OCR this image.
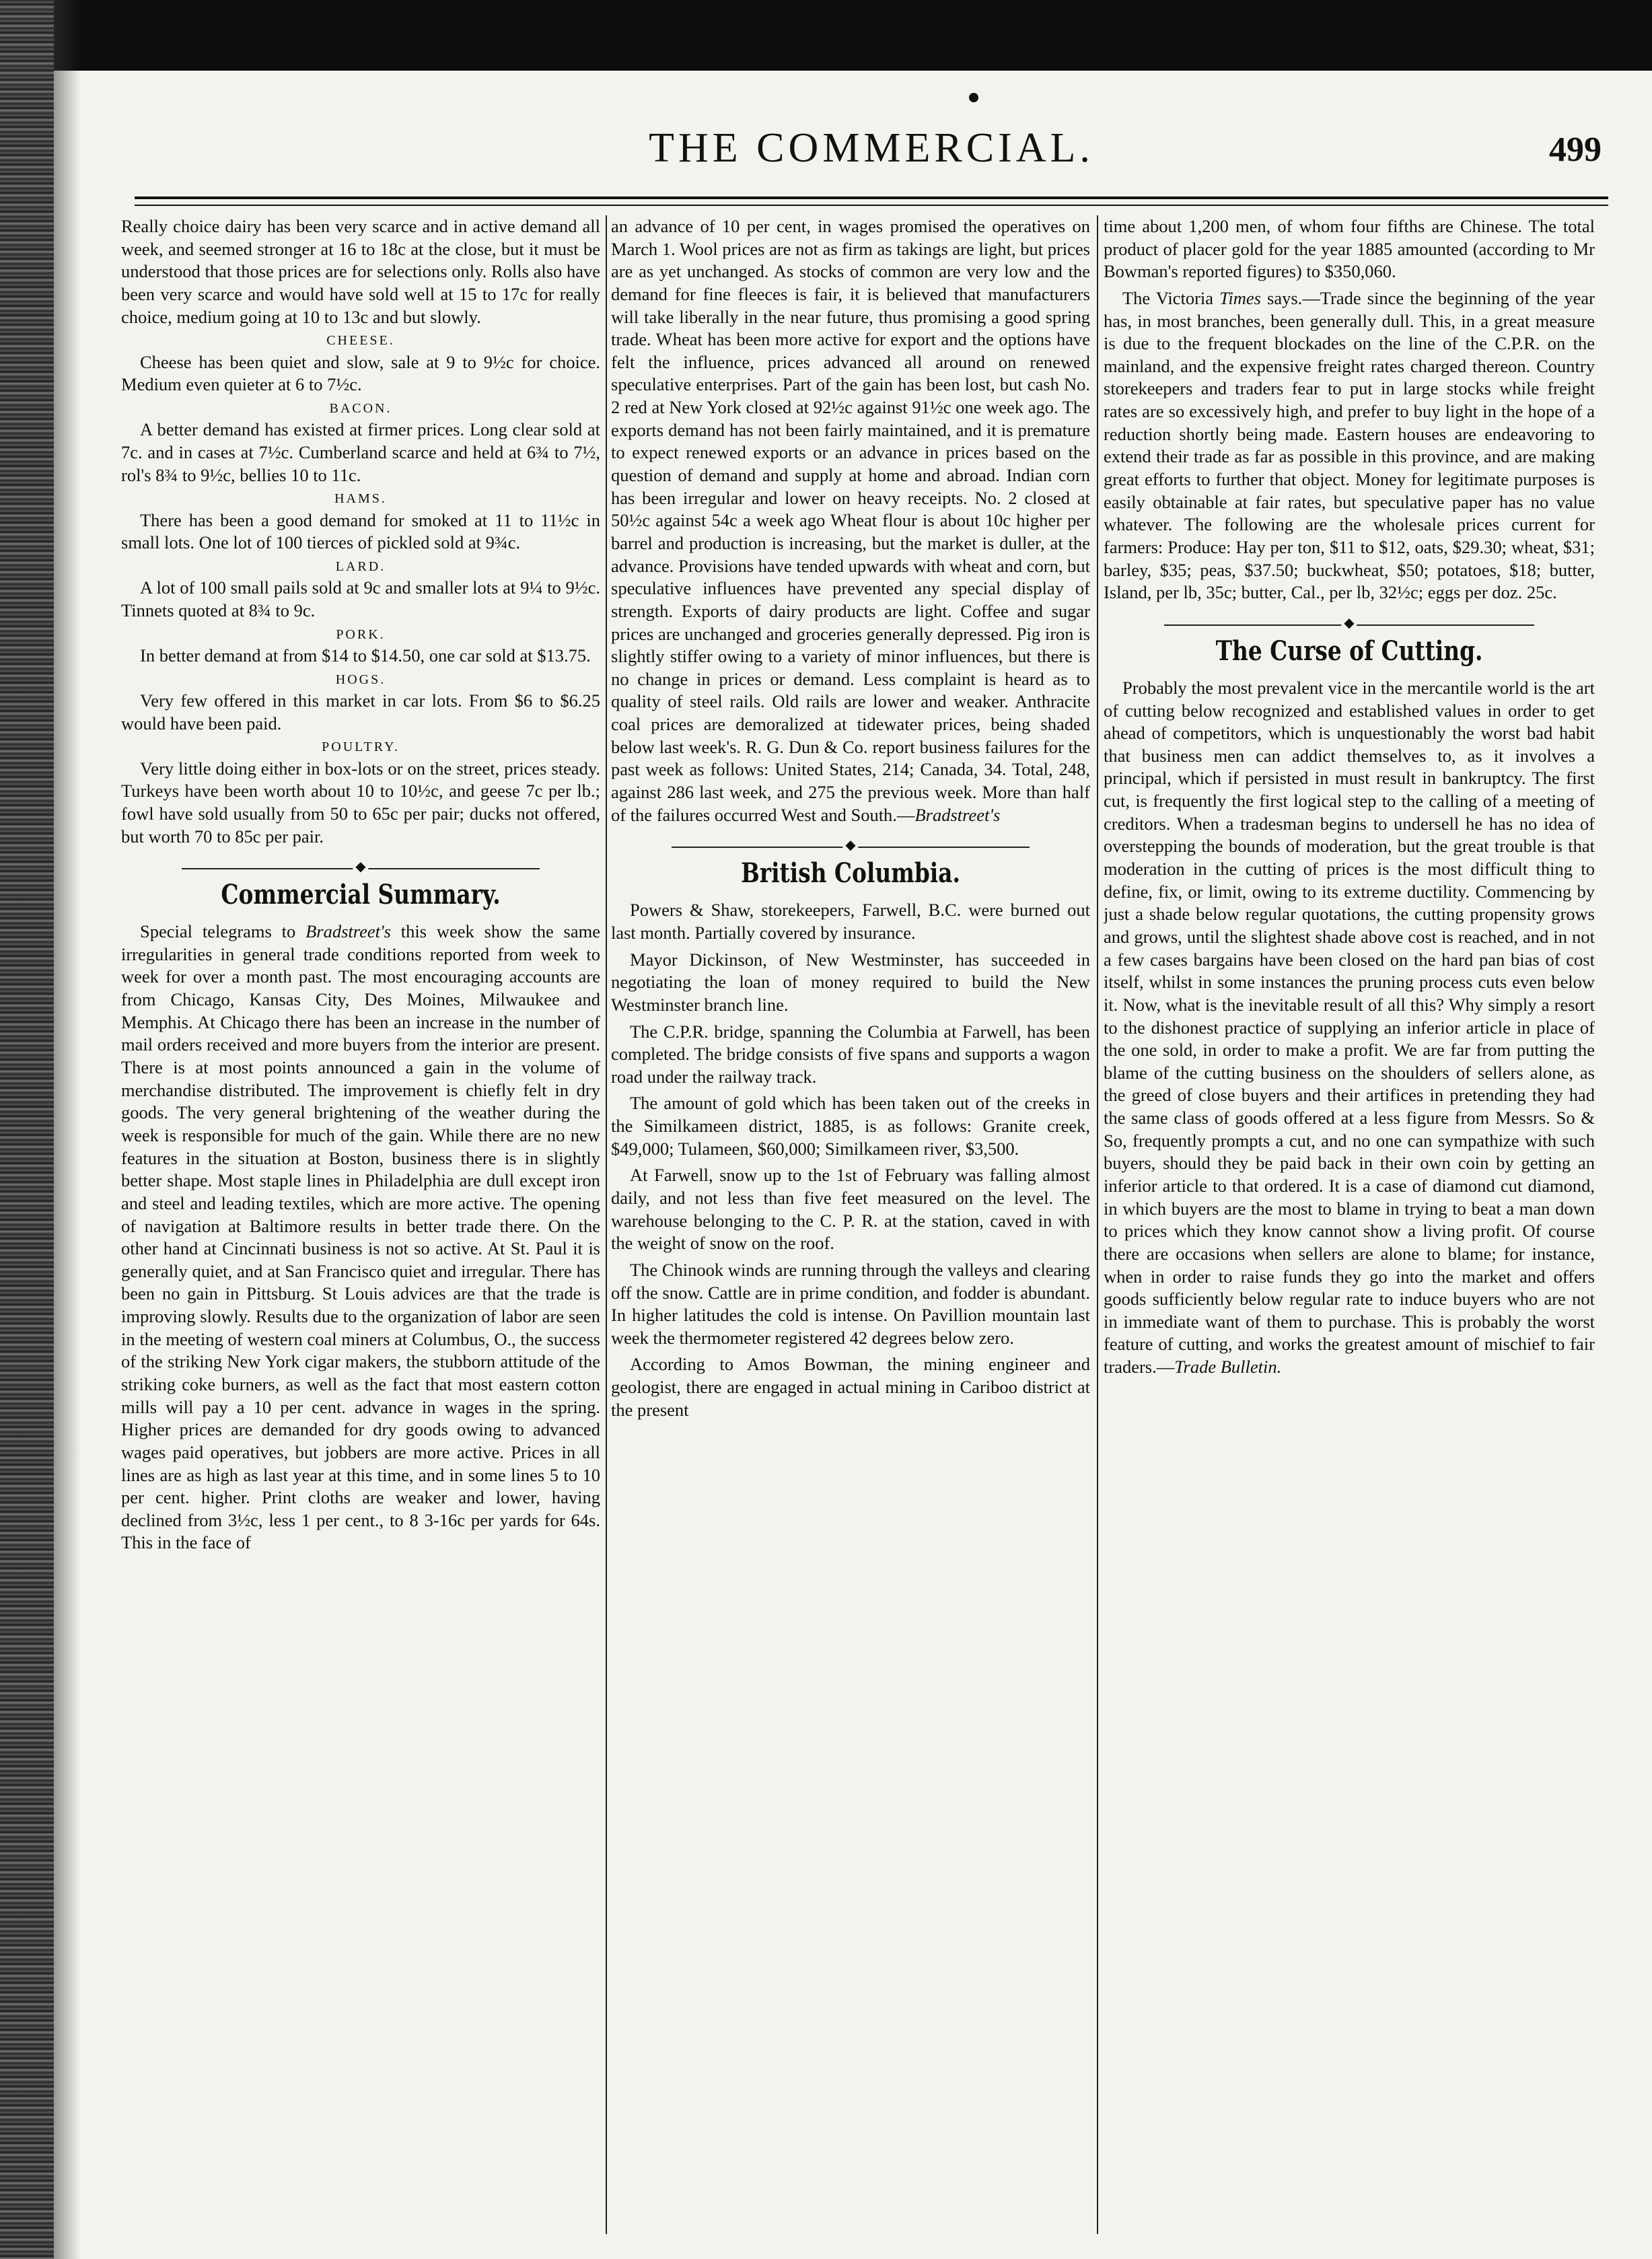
THE COMMERCIAL.	499

Really choice dairy has been very scarce and in active demand all week, and seemed stronger at 16 to 18c at the close, but it must be understood that those prices are for selections only. Rolls also have been very scarce and would have sold well at 15 to 17c for really choice, medium going at 10 to 13c and but slowly.

CHEESE.

Cheese has been quiet and slow, sale at 9 to 9½c for choice. Medium even quieter at 6 to 7½c.

BACON.

A better demand has existed at firmer prices. Long clear sold at 7c. and in cases at 7½c. Cumberland scarce and held at 6¾ to 7½, rol's 8¾ to 9½c, bellies 10 to 11c.

HAMS.

There has been a good demand for smoked at 11 to 11½c in small lots. One lot of 100 tierces of pickled sold at 9¾c.

LARD.

A lot of 100 small pails sold at 9c and smaller lots at 9¼ to 9½c. Tinnets quoted at 8¾ to 9c.

PORK.

In better demand at from $14 to $14.50, one car sold at $13.75.

HOGS.

Very few offered in this market in car lots. From $6 to $6.25 would have been paid.

POULTRY.

Very little doing either in box-lots or on the street, prices steady. Turkeys have been worth about 10 to 10½c, and geese 7c per lb.; fowl have sold usually from 50 to 65c per pair; ducks not offered, but worth 70 to 85c per pair.

◆
Commercial Summary.

Special telegrams to Bradstreet's this week show the same irregularities in general trade conditions reported from week to week for over a month past. The most encouraging accounts are from Chicago, Kansas City, Des Moines, Milwaukee and Memphis. At Chicago there has been an increase in the number of mail orders received and more buyers from the interior are present. There is at most points announced a gain in the volume of merchandise distributed. The improvement is chiefly felt in dry goods. The very general brightening of the weather during the week is responsible for much of the gain. While there are no new features in the situation at Boston, business there is in slightly better shape. Most staple lines in Philadelphia are dull except iron and steel and leading textiles, which are more active. The opening of navigation at Baltimore results in better trade there. On the other hand at Cincinnati business is not so active. At St. Paul it is generally quiet, and at San Francisco quiet and irregular. There has been no gain in Pittsburg. St Louis advices are that the trade is improving slowly. Results due to the organization of labor are seen in the meeting of western coal miners at Columbus, O., the success of the striking New York cigar makers, the stubborn attitude of the striking coke burners, as well as the fact that most eastern cotton mills will pay a 10 per cent. advance in wages in the spring. Higher prices are demanded for dry goods owing to advanced wages paid operatives, but jobbers are more active. Prices in all lines are as high as last year at this time, and in some lines 5 to 10 per cent. higher. Print cloths are weaker and lower, having declined from 3½c, less 1 per cent., to 8 3-16c per yards for 64s. This in the face of

an advance of 10 per cent, in wages promised the operatives on March 1. Wool prices are not as firm as takings are light, but prices are as yet unchanged. As stocks of common are very low and the demand for fine fleeces is fair, it is believed that manufacturers will take liberally in the near future, thus promising a good spring trade. Wheat has been more active for export and the options have felt the influence, prices advanced all around on renewed speculative enterprises. Part of the gain has been lost, but cash No. 2 red at New York closed at 92½c against 91½c one week ago. The exports demand has not been fairly maintained, and it is premature to expect renewed exports or an advance in prices based on the question of demand and supply at home and abroad. Indian corn has been irregular and lower on heavy receipts. No. 2 closed at 50½c against 54c a week ago Wheat flour is about 10c higher per barrel and production is increasing, but the market is duller, at the advance. Provisions have tended upwards with wheat and corn, but speculative influences have prevented any special display of strength. Exports of dairy products are light. Coffee and sugar prices are unchanged and groceries generally depressed. Pig iron is slightly stiffer owing to a variety of minor influences, but there is no change in prices or demand. Less complaint is heard as to quality of steel rails. Old rails are lower and weaker. Anthracite coal prices are demoralized at tidewater prices, being shaded below last week's. R. G. Dun & Co. report business failures for the past week as follows: United States, 214; Canada, 34. Total, 248, against 286 last week, and 275 the previous week. More than half of the failures occurred West and South.—Bradstreet's

◆
British Columbia.

Powers & Shaw, storekeepers, Farwell, B.C. were burned out last month. Partially covered by insurance.

Mayor Dickinson, of New Westminster, has succeeded in negotiating the loan of money required to build the New Westminster branch line.

The C.P.R. bridge, spanning the Columbia at Farwell, has been completed. The bridge consists of five spans and supports a wagon road under the railway track.

The amount of gold which has been taken out of the creeks in the Similkameen district, 1885, is as follows: Granite creek, $49,000; Tulameen, $60,000; Similkameen river, $3,500.

At Farwell, snow up to the 1st of February was falling almost daily, and not less than five feet measured on the level. The warehouse belonging to the C. P. R. at the station, caved in with the weight of snow on the roof.

The Chinook winds are running through the valleys and clearing off the snow. Cattle are in prime condition, and fodder is abundant. In higher latitudes the cold is intense. On Pavillion mountain last week the thermometer registered 42 degrees below zero.

According to Amos Bowman, the mining engineer and geologist, there are engaged in actual mining in Cariboo district at the present

time about 1,200 men, of whom four fifths are Chinese. The total product of placer gold for the year 1885 amounted (according to Mr Bowman's reported figures) to $350,060.

The Victoria Times says.—Trade since the beginning of the year has, in most branches, been generally dull. This, in a great measure is due to the frequent blockades on the line of the C.P.R. on the mainland, and the expensive freight rates charged thereon. Country storekeepers and traders fear to put in large stocks while freight rates are so excessively high, and prefer to buy light in the hope of a reduction shortly being made. Eastern houses are endeavoring to extend their trade as far as possible in this province, and are making great efforts to further that object. Money for legitimate purposes is easily obtainable at fair rates, but speculative paper has no value whatever. The following are the wholesale prices current for farmers: Produce: Hay per ton, $11 to $12, oats, $29.30; wheat, $31; barley, $35; peas, $37.50; buckwheat, $50; potatoes, $18; butter, Island, per lb, 35c; butter, Cal., per lb, 32½c; eggs per doz. 25c.

◆
The Curse of Cutting.

Probably the most prevalent vice in the mercantile world is the art of cutting below recognized and established values in order to get ahead of competitors, which is unquestionably the worst bad habit that business men can addict themselves to, as it involves a principal, which if persisted in must result in bankruptcy. The first cut, is frequently the first logical step to the calling of a meeting of creditors. When a tradesman begins to undersell he has no idea of overstepping the bounds of moderation, but the great trouble is that moderation in the cutting of prices is the most difficult thing to define, fix, or limit, owing to its extreme ductility. Commencing by just a shade below regular quotations, the cutting propensity grows and grows, until the slightest shade above cost is reached, and in not a few cases bargains have been closed on the hard pan bias of cost itself, whilst in some instances the pruning process cuts even below it. Now, what is the inevitable result of all this? Why simply a resort to the dishonest practice of supplying an inferior article in place of the one sold, in order to make a profit. We are far from putting the blame of the cutting business on the shoulders of sellers alone, as the greed of close buyers and their artifices in pretending they had the same class of goods offered at a less figure from Messrs. So & So, frequently prompts a cut, and no one can sympathize with such buyers, should they be paid back in their own coin by getting an inferior article to that ordered. It is a case of diamond cut diamond, in which buyers are the most to blame in trying to beat a man down to prices which they know cannot show a living profit. Of course there are occasions when sellers are alone to blame; for instance, when in order to raise funds they go into the market and offers goods sufficiently below regular rate to induce buyers who are not in immediate want of them to purchase. This is probably the worst feature of cutting, and works the greatest amount of mischief to fair traders.—Trade Bulletin.
